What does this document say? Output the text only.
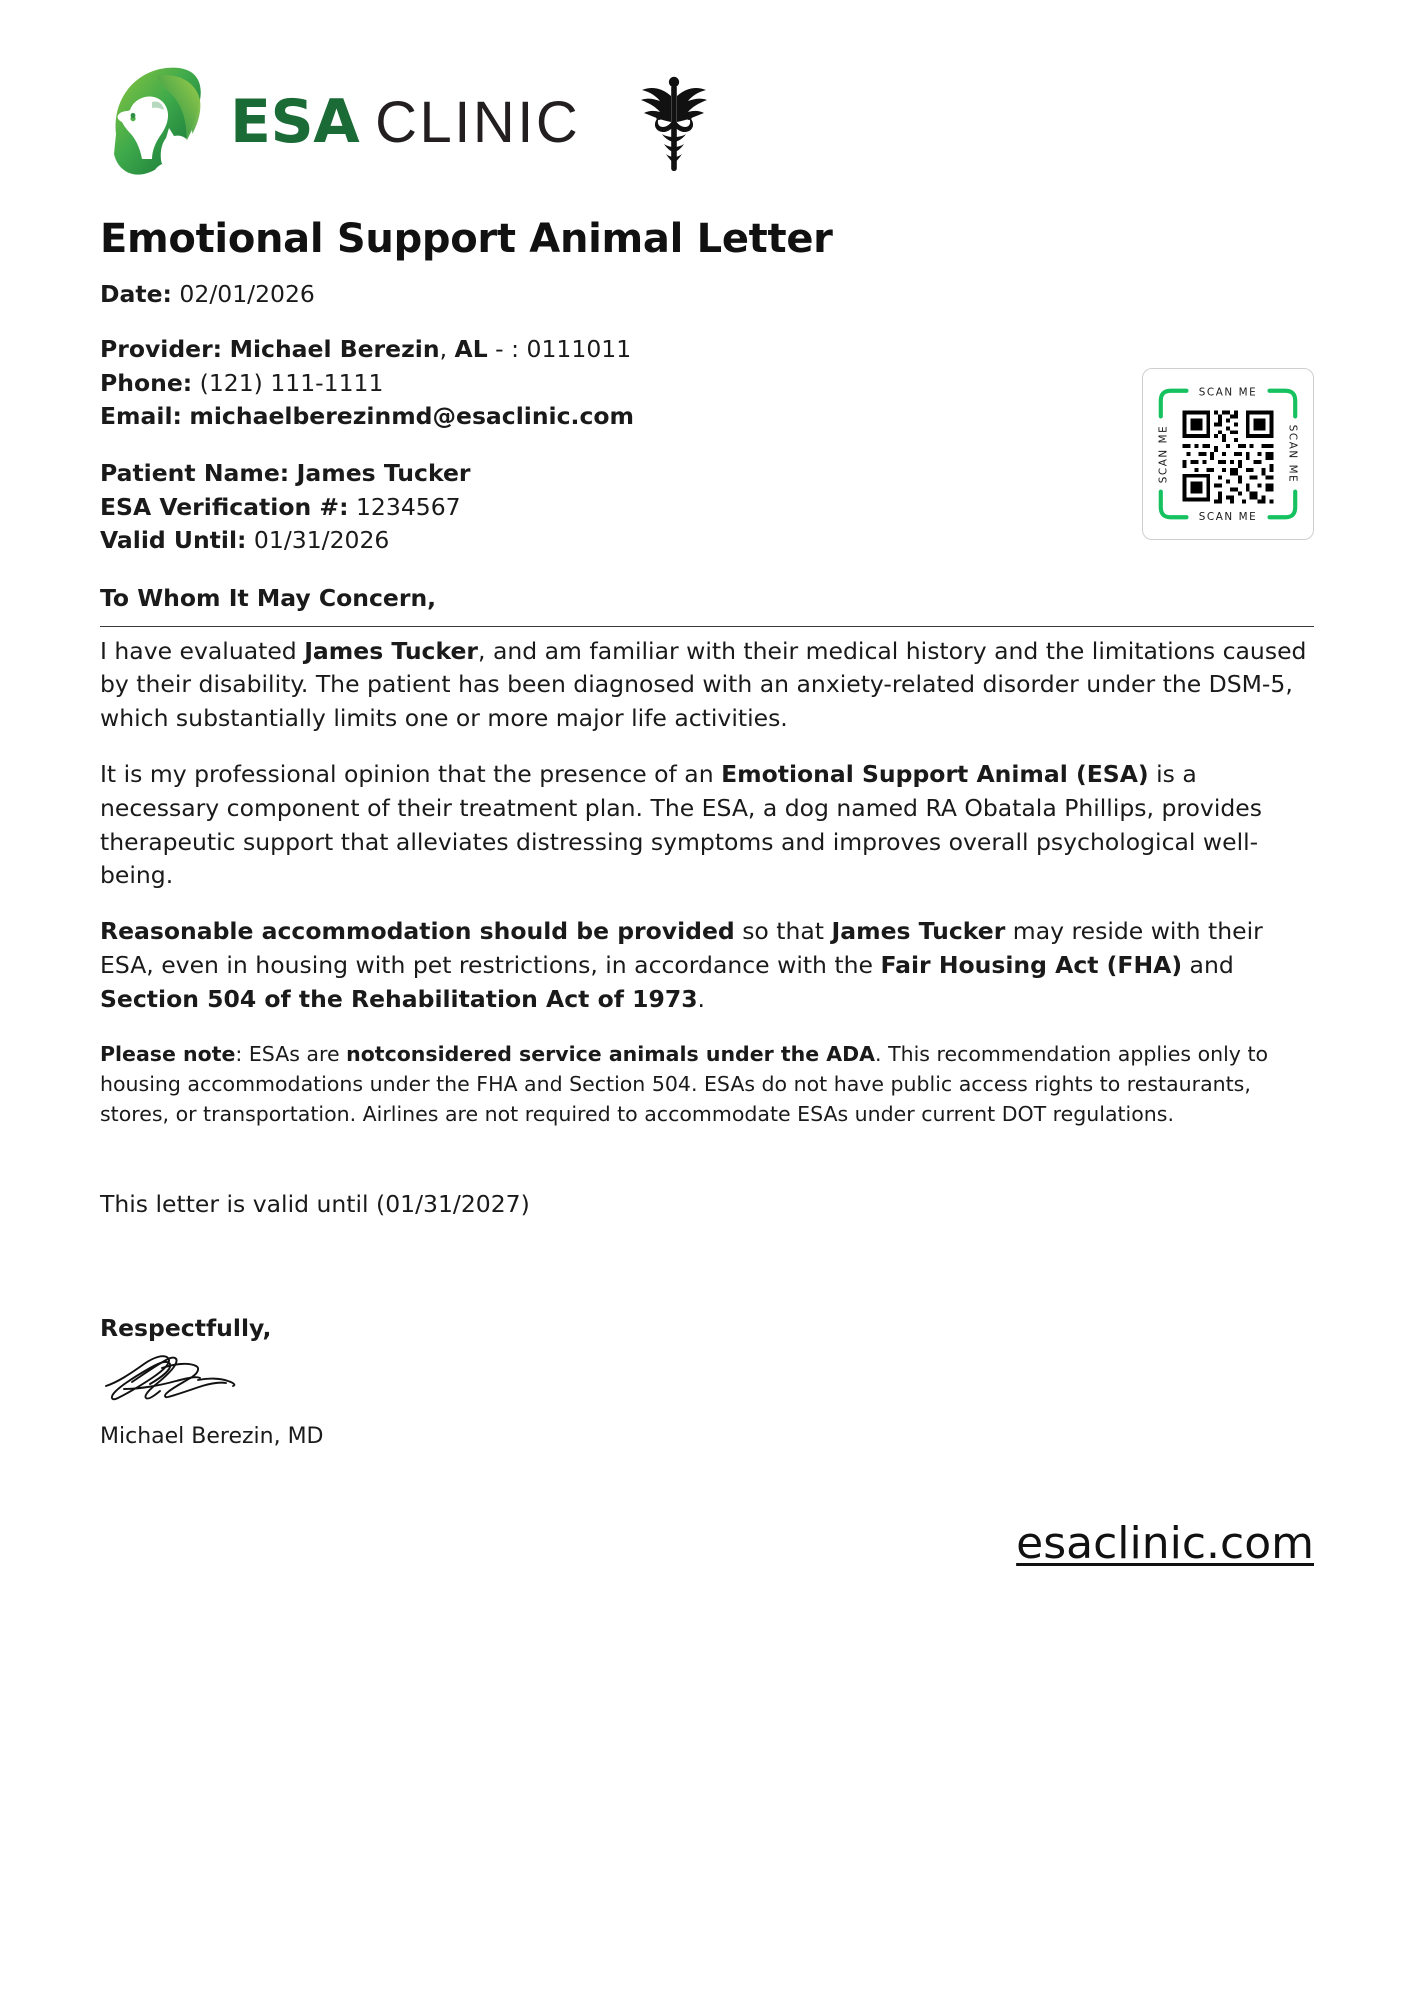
ESA CLINIC
Emotional Support Animal Letter
Date: 02/01/2026
Provider: Michael Berezin, AL - : 0111011
Phone: (121) 111-1111
Email: michaelberezinmd@esaclinic.com
Patient Name: James Tucker
ESA Verification #: 1234567
Valid Until: 01/31/2026
SCAN ME
SCAN ME
SCAN ME	SCAN ME
To Whom It May Concern,

I have evaluated James Tucker, and am familiar with their medical history and the limitations caused by their disability. The patient has been diagnosed with an anxiety-related disorder under the DSM-5, which substantially limits one or more major life activities.

It is my professional opinion that the presence of an Emotional Support Animal (ESA) is a necessary component of their treatment plan. The ESA, a dog named RA Obatala Phillips, provides therapeutic support that alleviates distressing symptoms and improves overall psychological well-being.

Reasonable accommodation should be provided so that James Tucker may reside with their ESA, even in housing with pet restrictions, in accordance with the Fair Housing Act (FHA) and Section 504 of the Rehabilitation Act of 1973.

Please note: ESAs are notconsidered service animals under the ADA. This recommendation applies only to housing accommodations under the FHA and Section 504. ESAs do not have public access rights to restaurants, stores, or transportation. Airlines are not required to accommodate ESAs under current DOT regulations.

This letter is valid until (01/31/2027)
Respectfully,
Michael Berezin, MD
esaclinic.com
